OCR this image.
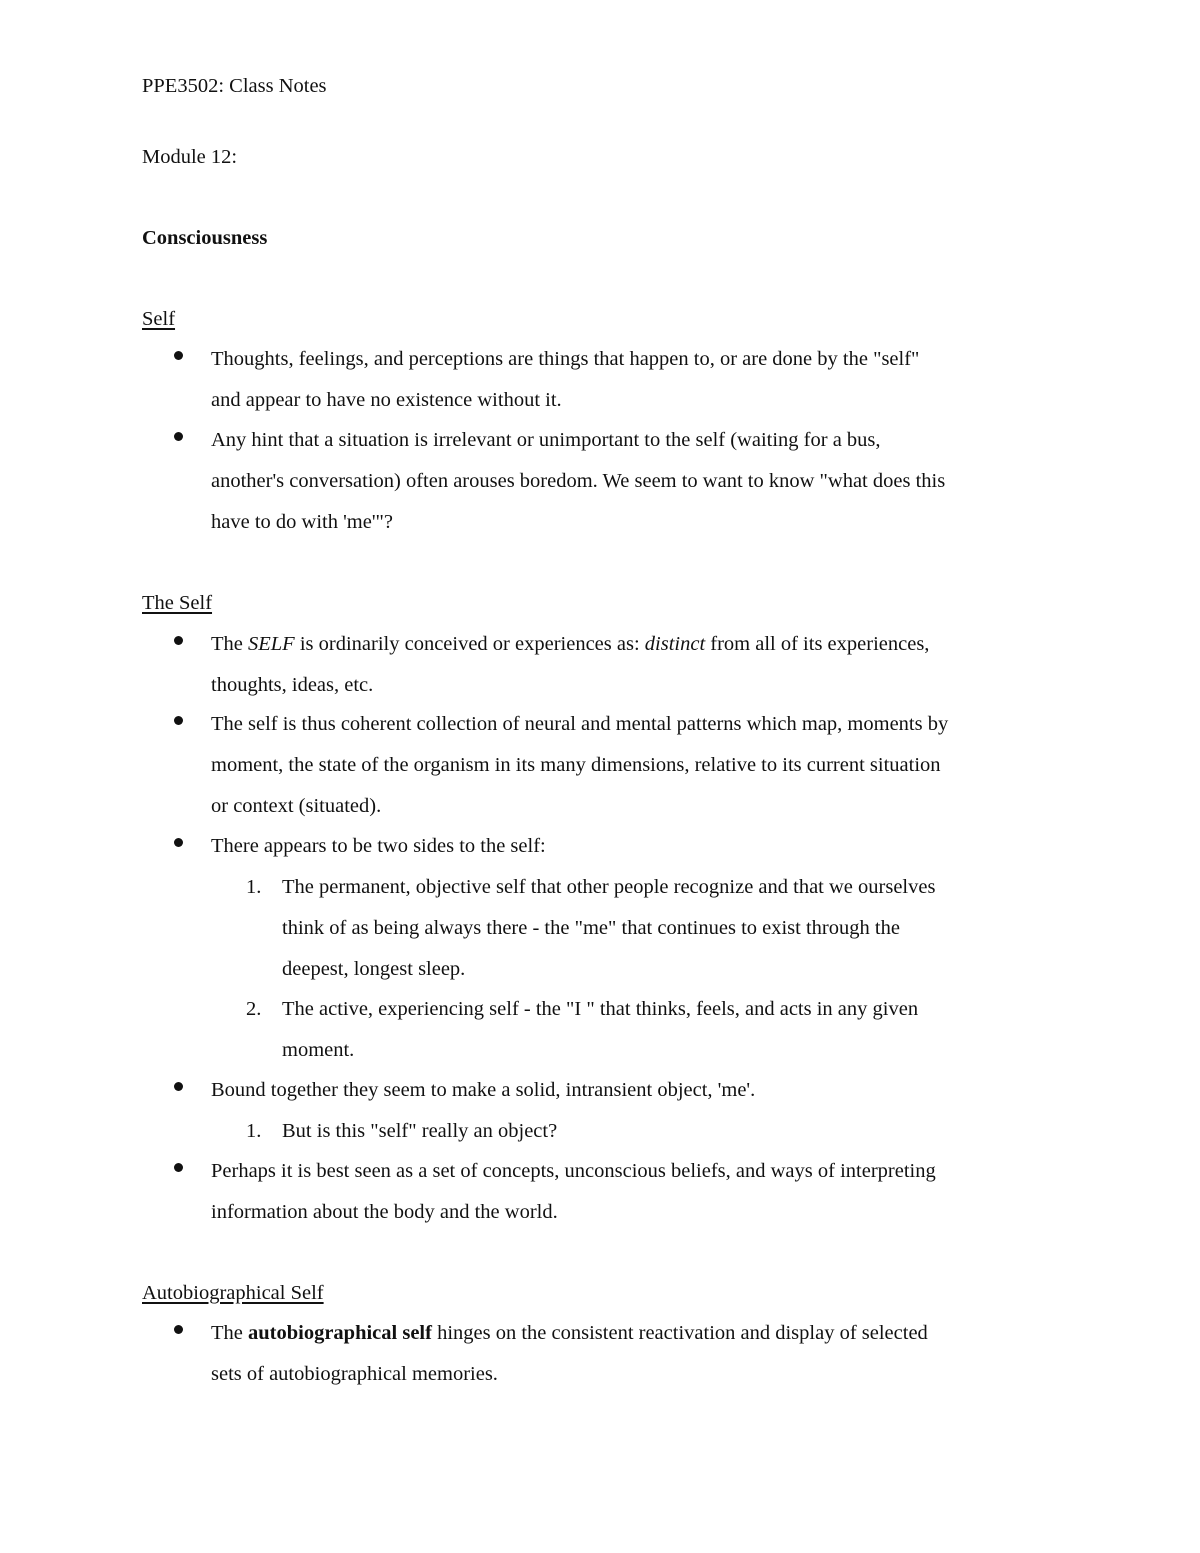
PPE3502: Class Notes
Module 12:
Consciousness
Self
Thoughts, feelings, and perceptions are things that happen to, or are done by the "self"
and appear to have no existence without it.
Any hint that a situation is irrelevant or unimportant to the self (waiting for a bus,
another's conversation) often arouses boredom. We seem to want to know "what does this
have to do with 'me'"?
The Self
The SELF is ordinarily conceived or experiences as: distinct from all of its experiences,
thoughts, ideas, etc.
The self is thus coherent collection of neural and mental patterns which map, moments by
moment, the state of the organism in its many dimensions, relative to its current situation
or context (situated).
There appears to be two sides to the self:
1. The permanent, objective self that other people recognize and that we ourselves
think of as being always there - the "me" that continues to exist through the
deepest, longest sleep.
2. The active, experiencing self - the "I " that thinks, feels, and acts in any given
moment.
Bound together they seem to make a solid, intransient object, 'me'.
1. But is this "self" really an object?
Perhaps it is best seen as a set of concepts, unconscious beliefs, and ways of interpreting
information about the body and the world.
Autobiographical Self
The autobiographical self hinges on the consistent reactivation and display of selected
sets of autobiographical memories.
